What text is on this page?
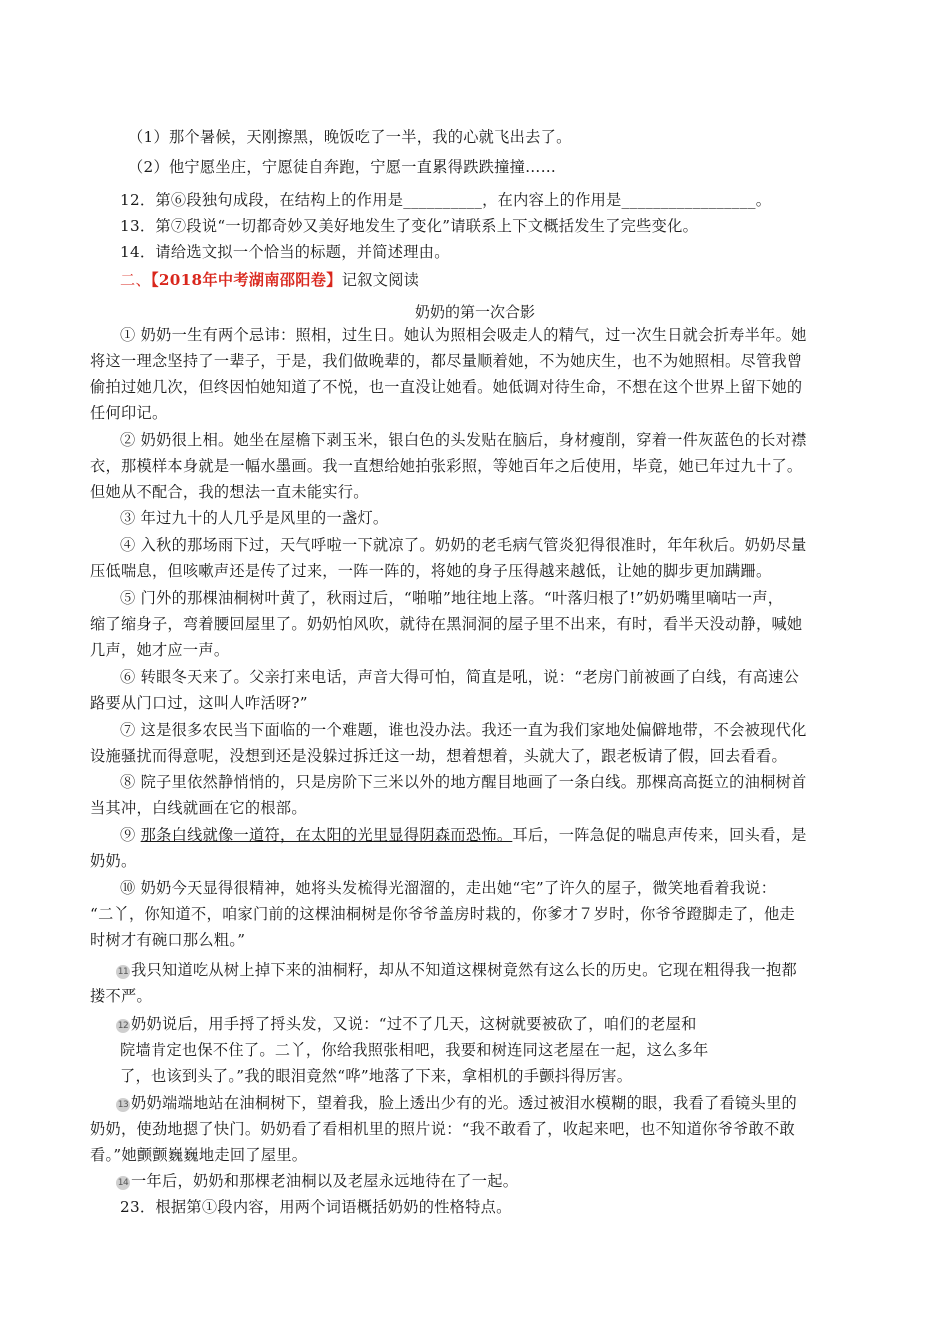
（1）那个暑候，天刚擦黑，晚饭吃了一半，我的心就飞出去了。
（2）他宁愿坐庄，宁愿徒自奔跑，宁愿一直累得跌跌撞撞……
12．第⑥段独句成段，在结构上的作用是__________，在内容上的作用是_________________。
13．第⑦段说“一切都奇妙又美好地发生了变化”请联系上下文概括发生了完些变化。
14．请给选文拟一个恰当的标题，并简述理由。
二、【2018年中考湖南邵阳卷】记叙文阅读
奶奶的第一次合影
① 奶奶一生有两个忌讳：照相，过生日。她认为照相会吸走人的精气，过一次生日就会折寿半年。她
将这一理念坚持了一辈子，于是，我们做晚辈的，都尽量顺着她，不为她庆生，也不为她照相。尽管我曾
偷拍过她几次，但终因怕她知道了不悦，也一直没让她看。她低调对待生命，不想在这个世界上留下她的
任何印记。
② 奶奶很上相。她坐在屋檐下剥玉米，银白色的头发贴在脑后，身材瘦削，穿着一件灰蓝色的长对襟
衣，那模样本身就是一幅水墨画。我一直想给她拍张彩照，等她百年之后使用，毕竟，她已年过九十了。
但她从不配合，我的想法一直未能实行。
③ 年过九十的人几乎是风里的一盏灯。
④ 入秋的那场雨下过，天气呼啦一下就凉了。奶奶的老毛病气管炎犯得很准时，年年秋后。奶奶尽量
压低喘息，但咳嗽声还是传了过来，一阵一阵的，将她的身子压得越来越低，让她的脚步更加蹒跚。
⑤ 门外的那棵油桐树叶黄了，秋雨过后，“啪啪”地往地上落。“叶落归根了!”奶奶嘴里嘀咕一声，
缩了缩身子，弯着腰回屋里了。奶奶怕风吹，就待在黑洞洞的屋子里不出来，有时，看半天没动静，喊她
几声，她才应一声。
⑥ 转眼冬天来了。父亲打来电话，声音大得可怕，简直是吼，说：“老房门前被画了白线，有高速公
路要从门口过，这叫人咋活呀?”
⑦ 这是很多农民当下面临的一个难题，谁也没办法。我还一直为我们家地处偏僻地带，不会被现代化
设施骚扰而得意呢，没想到还是没躲过拆迁这一劫，想着想着，头就大了，跟老板请了假，回去看看。
⑧ 院子里依然静悄悄的，只是房阶下三米以外的地方醒目地画了一条白线。那棵高高挺立的油桐树首
当其冲，白线就画在它的根部。
⑨ 那条白线就像一道符，在太阳的光里显得阴森而恐怖。耳后，一阵急促的喘息声传来，回头看，是
奶奶。
⑩ 奶奶今天显得很精神，她将头发梳得光溜溜的，走出她“宅”了许久的屋子，微笑地看着我说：
“二丫，你知道不，咱家门前的这棵油桐树是你爷爷盖房时栽的，你爹才７岁时，你爷爷蹬脚走了，他走
时树才有碗口那么粗。”
11 我只知道吃从树上掉下来的油桐籽，却从不知道这棵树竟然有这么长的历史。它现在粗得我一抱都
搂不严。
12 奶奶说后，用手捋了捋头发，又说：“过不了几天，这树就要被砍了，咱们的老屋和
院墙肯定也保不住了。二丫，你给我照张相吧，我要和树连同这老屋在一起，这么多年
了，也该到头了。”我的眼泪竟然“哗”地落了下来，拿相机的手颤抖得厉害。
13 奶奶端端地站在油桐树下，望着我，脸上透出少有的光。透过被泪水模糊的眼，我看了看镜头里的
奶奶，使劲地摁了快门。奶奶看了看相机里的照片说：“我不敢看了，收起来吧，也不知道你爷爷敢不敢
看。”她颤颤巍巍地走回了屋里。
14 一年后，奶奶和那棵老油桐以及老屋永远地待在了一起。
23．根据第①段内容，用两个词语概括奶奶的性格特点。
